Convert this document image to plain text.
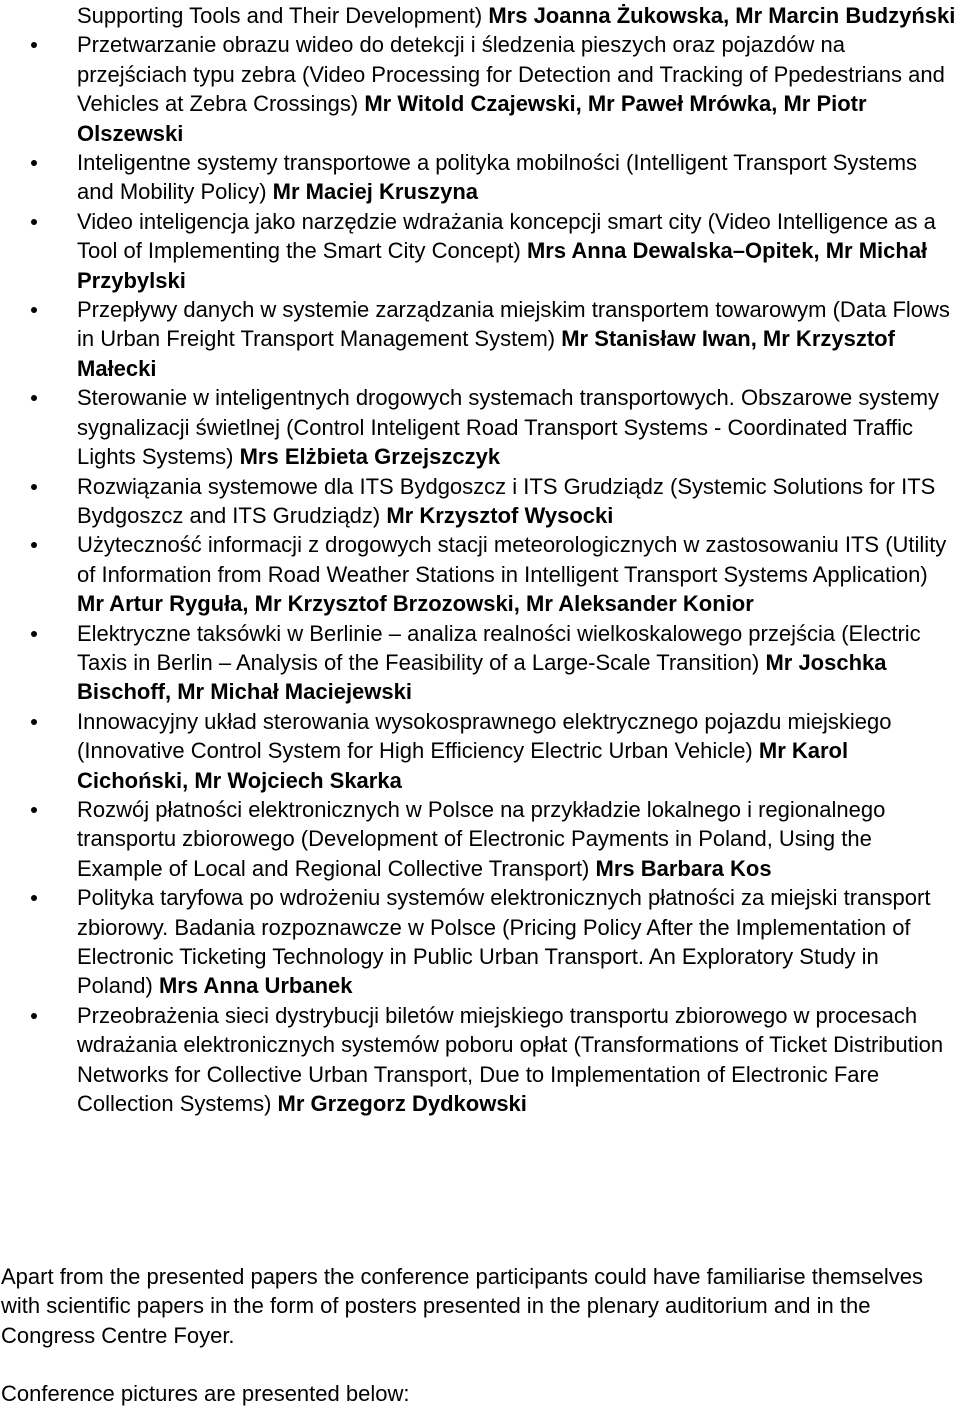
Supporting Tools and Their Development) Mrs Joanna Żukowska, Mr Marcin Budzyński
Przetwarzanie obrazu wideo do detekcji i śledzenia pieszych oraz pojazdów na przejściach typu zebra (Video Processing for Detection and Tracking of Ppedestrians and Vehicles at Zebra Crossings) Mr Witold Czajewski, Mr Paweł Mrówka, Mr Piotr Olszewski
Inteligentne systemy transportowe a polityka mobilności (Intelligent Transport Systems and Mobility Policy) Mr Maciej Kruszyna
Video inteligencja jako narzędzie wdrażania koncepcji smart city (Video Intelligence as a Tool of Implementing the Smart City Concept) Mrs Anna Dewalska–Opitek, Mr Michał Przybylski
Przepływy danych w systemie zarządzania miejskim transportem towarowym (Data Flows in Urban Freight Transport Management System) Mr Stanisław Iwan, Mr Krzysztof Małecki
Sterowanie w inteligentnych drogowych systemach transportowych. Obszarowe systemy sygnalizacji świetlnej (Control Inteligent Road Transport Systems - Coordinated Traffic Lights Systems) Mrs Elżbieta Grzejszczyk
Rozwiązania systemowe dla ITS Bydgoszcz i ITS Grudziądz (Systemic Solutions for ITS Bydgoszcz and ITS Grudziądz) Mr Krzysztof Wysocki
Użyteczność informacji z drogowych stacji meteorologicznych w zastosowaniu ITS (Utility of Information from Road Weather Stations in Intelligent Transport Systems Application) Mr Artur Ryguła, Mr Krzysztof Brzozowski, Mr Aleksander Konior
Elektryczne taksówki w Berlinie – analiza realności wielkoskalowego przejścia (Electric Taxis in Berlin – Analysis of the Feasibility of a Large-Scale Transition) Mr Joschka Bischoff, Mr Michał Maciejewski
Innowacyjny układ sterowania wysokosprawnego elektrycznego pojazdu miejskiego (Innovative Control System for High Efficiency Electric Urban Vehicle) Mr Karol Cichoński, Mr Wojciech Skarka
Rozwój płatności elektronicznych w Polsce na przykładzie lokalnego i regionalnego transportu zbiorowego (Development of Electronic Payments in Poland, Using the Example of Local and Regional Collective Transport) Mrs Barbara Kos
Polityka taryfowa po wdrożeniu systemów elektronicznych płatności za miejski transport zbiorowy. Badania rozpoznawcze w Polsce (Pricing Policy After the Implementation of Electronic Ticketing Technology in Public Urban Transport. An Exploratory Study in Poland) Mrs Anna Urbanek
Przeobrażenia sieci dystrybucji biletów miejskiego transportu zbiorowego w procesach wdrażania elektronicznych systemów poboru opłat (Transformations of Ticket Distribution Networks for Collective Urban Transport, Due to Implementation of Electronic Fare Collection Systems) Mr Grzegorz Dydkowski
Apart from the presented papers the conference participants could have familiarise themselves with scientific papers in the form of posters presented in the plenary auditorium and in the Congress Centre Foyer.
Conference pictures are presented below:
